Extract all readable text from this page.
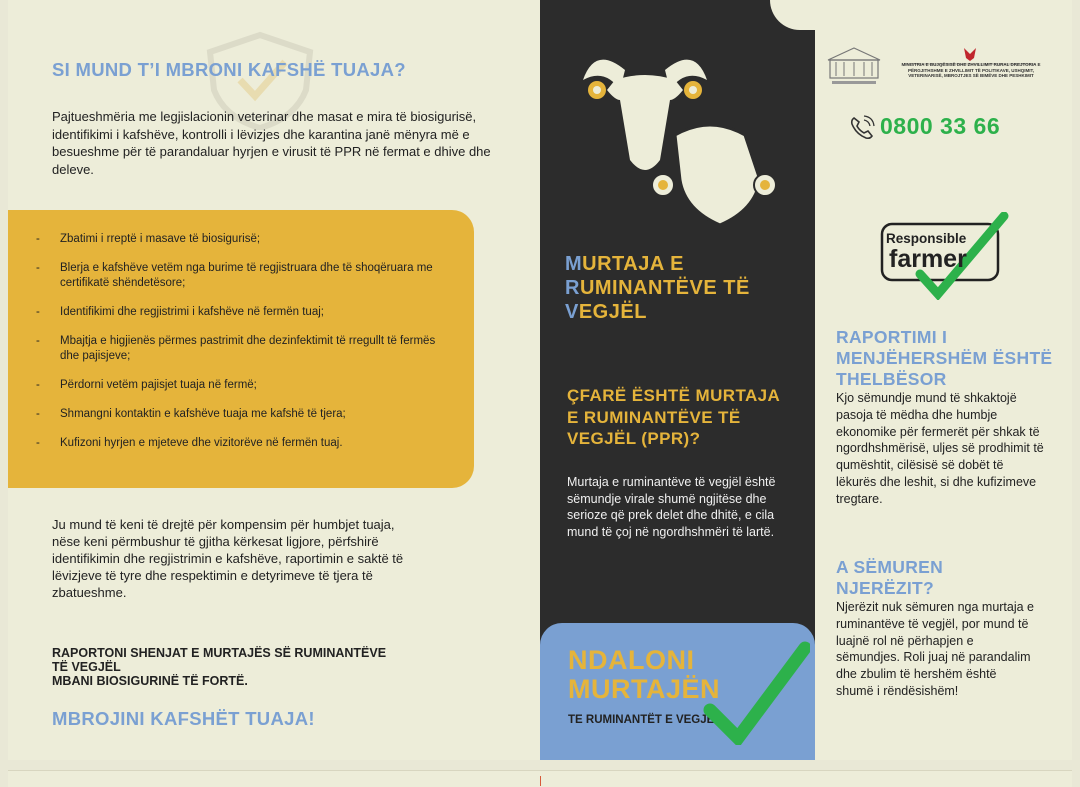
SI MUND T’I MBRONI KAFSHË TUAJA?
Pajtueshmëria me legjislacionin veterinar dhe masat e mira të biosigurisë, identifikimi i kafshëve, kontrolli i lëvizjes dhe karantina janë mënyra më e besueshme për të parandaluar hyrjen e virusit të PPR në fermat e dhive dhe deleve.
- Zbatimi i rreptë i masave të biosigurisë;
- Blerja e kafshëve vetëm nga burime të regjistruara dhe të shoqëruara me certifikatë shëndetësore;
- Identifikimi dhe regjistrimi i kafshëve në fermën tuaj;
- Mbajtja e higjienës përmes pastrimit dhe dezinfektimit të rregullt të fermës dhe pajisjeve;
- Përdorni vetëm pajisjet tuaja në fermë;
- Shmangni kontaktin e kafshëve tuaja me kafshë të tjera;
- Kufizoni hyrjen e mjeteve dhe vizitorëve në fermën tuaj.
Ju mund të keni të drejtë për kompensim për humbjet tuaja, nëse keni përmbushur të gjitha kërkesat ligjore, përfshirë identifikimin dhe regjistrimin e kafshëve, raportimin e saktë të lëvizjeve të tyre dhe respektimin e detyrimeve të tjera të zbatueshme.
RAPORTONI SHENJAT E MURTAJËS SË RUMINANTËVE TË VEGJËL
MBANI BIOSIGURINË TË FORTË.
MBROJINI KAFSHËT TUAJA!
MURTAJA E
RUMINANTËVE TË
VEGJËL
ÇFARË ËSHTË MURTAJA E RUMINANTËVE TË VEGJËL (PPR)?
Murtaja e ruminantëve të vegjël është sëmundje virale shumë ngjitëse dhe serioze që prek delet dhe dhitë, e cila mund të çoj në ngordhshmëri të lartë.
NDALONI
MURTAJËN
TE RUMINANTËT E VEGJËL
MINISTRIA E BUJQËSISË DHE ZHVILLIMIT RURAL DREJTORIA E PËRGJITHSHME E ZHVILLIMIT TË POLITIKAVE, USHQIMIT, VETERINARISË, MBROJTJES SË BIMËVE DHE PESHKIMIT
0800 33 66
Responsible
farmer
RAPORTIMI I MENJËHERSHËM ËSHTË THELBËSOR
Kjo sëmundje mund të shkaktojë pasoja të mëdha dhe humbje ekonomike për fermerët për shkak të ngordhshmërisë, uljes së prodhimit të qumështit, cilësisë së dobët të lëkurës dhe leshit, si dhe kufizimeve tregtare.
A SËMUREN NJERËZIT?
Njerëzit nuk sëmuren nga murtaja e ruminantëve të vegjël, por mund të luajnë rol në përhapjen e sëmundjes. Roli juaj në parandalim dhe zbulim të hershëm është shumë i rëndësishëm!
